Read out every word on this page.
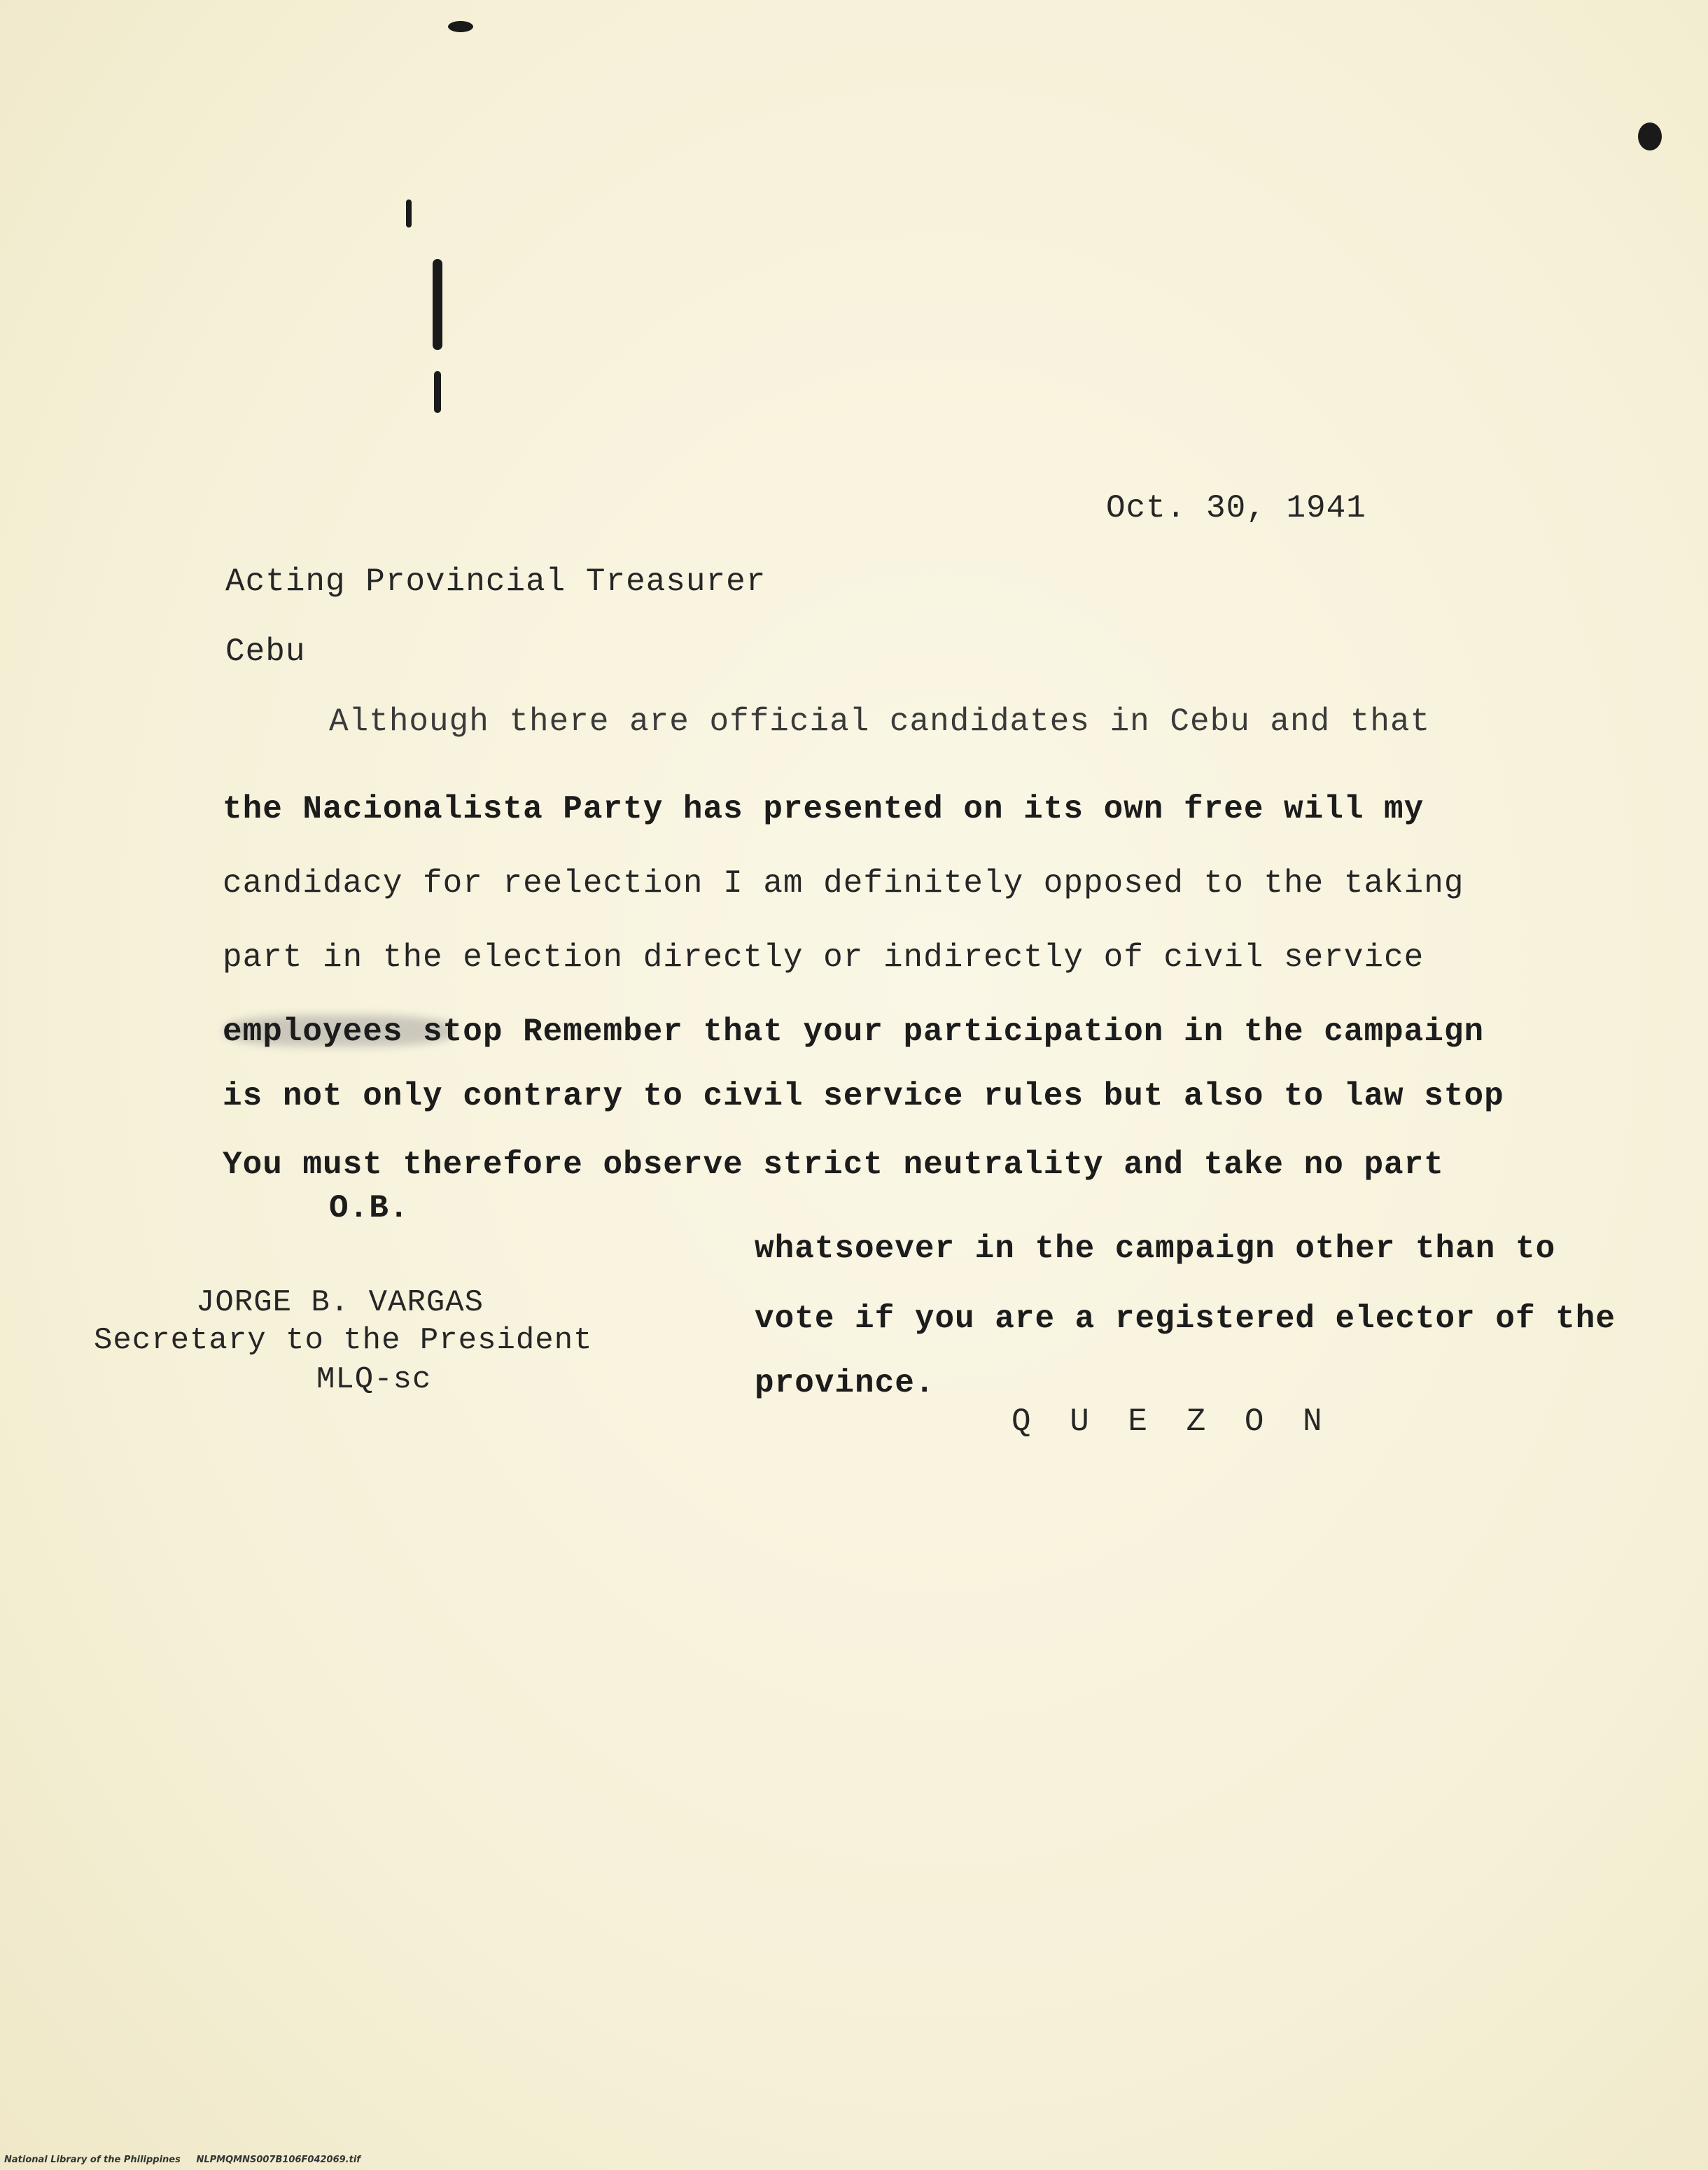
Oct. 30, 1941
Acting Provincial Treasurer
Cebu
Although there are official candidates in Cebu and that
the Nacionalista Party has presented on its own free will my
candidacy for reelection I am definitely opposed to the taking
part in the election directly or indirectly of civil service
employees stop Remember that your participation in the campaign
is not only contrary to civil service rules but also to law stop
You must therefore observe strict neutrality and take no part
O.B.
whatsoever in the campaign other than to
vote if you are a registered elector of the
province.
Q U E Z O N
JORGE B. VARGAS
Secretary to the President
MLQ-sc
National Library of the Philippines     NLPMQMNS007B106F042069.tif
